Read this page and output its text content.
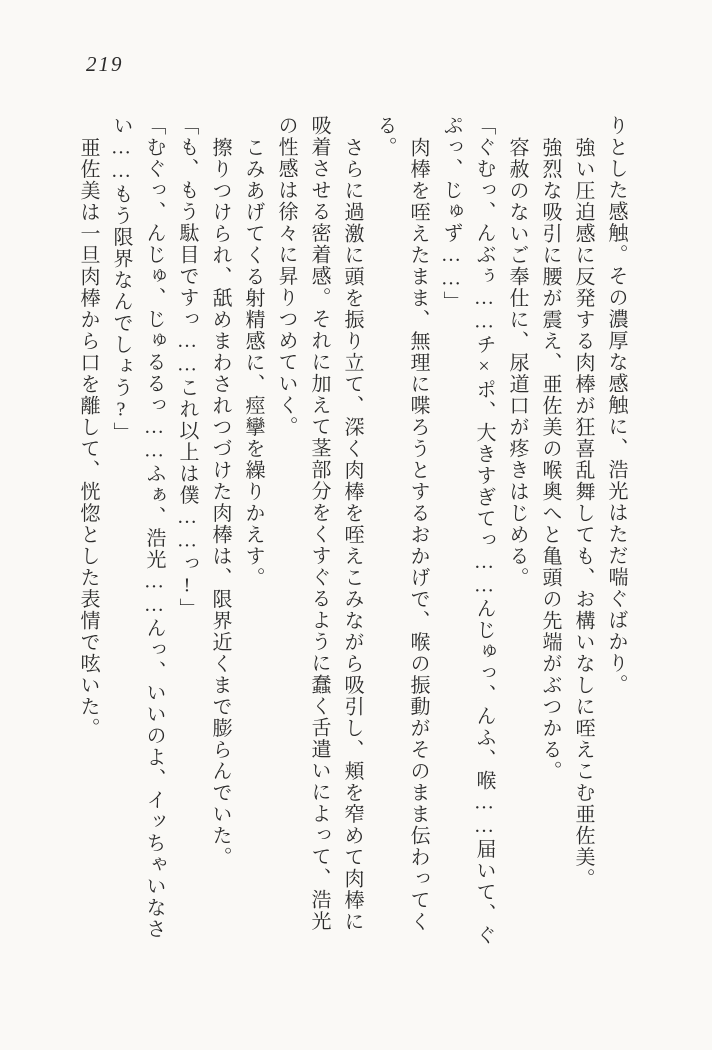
219

りとした感触。その濃厚な感触に、浩光はただ喘ぐばかり。

強い圧迫感に反発する肉棒が狂喜乱舞しても、お構いなしに咥えこむ亜佐美。

強烈な吸引に腰が震え、亜佐美の喉奥へと亀頭の先端がぶつかる。

容赦のないご奉仕に、尿道口が疼きはじめる。

「ぐむっ、んぶぅ……チ×ポ、大きすぎてっ……んじゅっ、んふ、喉……届いて、ぐ

ぷっ、じゅず……」

肉棒を咥えたまま、無理に喋ろうとするおかげで、喉の振動がそのまま伝わってく

る。

さらに過激に頭を振り立て、深く肉棒を咥えこみながら吸引し、頬を窄めて肉棒に

吸着させる密着感。それに加えて茎部分をくすぐるように蠢く舌遣いによって、浩光

の性感は徐々に昇りつめていく。

こみあげてくる射精感に、痙攣を繰りかえす。

擦りつけられ、舐めまわされつづけた肉棒は、限界近くまで膨らんでいた。

「も、もう駄目ですっ……これ以上は僕……っ!」

「むぐっ、んじゅ、じゅるるっ……ふぁ、浩光……んっ、いいのよ、イッちゃいなさ

い……もう限界なんでしょう?」

亜佐美は一旦肉棒から口を離して、恍惚とした表情で呟いた。
